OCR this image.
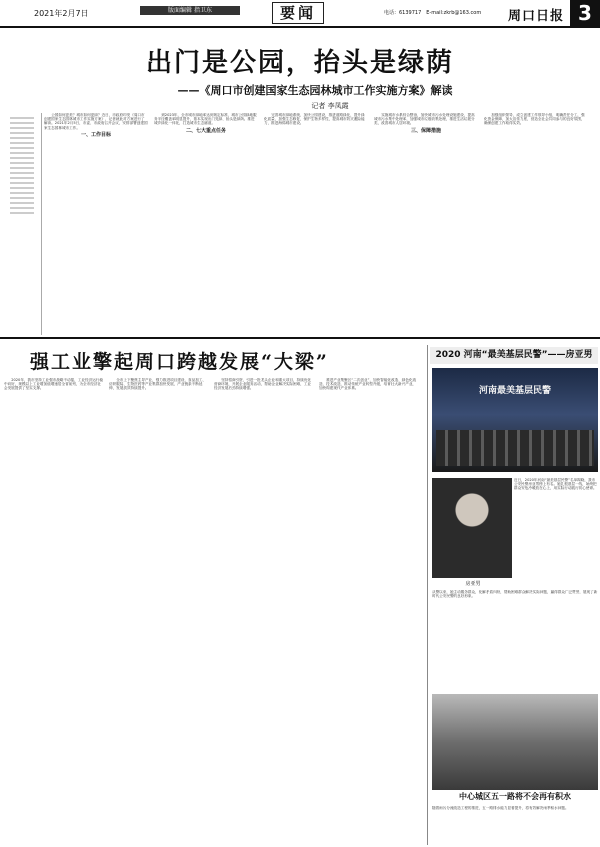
2021年2月7日	版面编辑 指卫东	要闻	电话：6139717　E-mail:zkrb@163.com 周口日报 3
出门是公园，抬头是绿荫
——《周口市创建国家生态园林城市工作实施方案》解读
记者 李凤霞

公园如何更美？城市如何更绿？近日，市政府印发《周口市创建国家生态园林城市工作实施方案》，记者就此对方案进行了解读。2021年2月5日，市委、市政府召开会议，安排部署创建国家生态园林城市工作。

一、工作目标

到2023年，全市城市绿地率达到规定标准，城市公园绿地服务半径覆盖率明显提升，基本实现出门见绿、抬头是绿荫。推进城乡绿化一体化，打造城市生态廊道。

二、七大重点任务

完善城市绿地系统，加快公园建设，推进道路绿化，提升绿化质量，加强生态修复，保护生物多样性，提高城市防灾避险能力，推进海绵城市建设。

实施城市水系综合整治，加快城市污水处理设施建设，提高城市污水集中处理率，加强城市垃圾收集处理，推进生活垃圾分类，改善城市人居环境。

三、保障措施

加强组织领导，成立创建工作领导小组，明确责任分工，强化资金保障，加大宣传力度，营造全社会共同参与的良好氛围，确保创建工作取得实效。

强工业擎起周口跨越发展“大梁”

2020年，我市坚持工业强市战略不动摇，工业经济运行稳中向好，规模以上工业增加值增速居全省前列，为全市经济社会发展提供了坚实支撑。

全市上下聚焦主导产业，强力推进项目建设，食品加工、纺织服装、生物医药等产业集群加快发展，产业链条不断延伸，发展质效持续提升。

坚持招商引资，引进一批龙头企业和重大项目，持续优化营商环境，开展企业服务活动，帮助企业解决实际困难，工业经济发展后劲持续增强。

推进产业集聚区“二次创业”，加快智能化改造、绿色化改造、技术改造，推动传统产业转型升级，培育壮大新兴产业，加快构建现代产业体系。

2020 河南“最美基层民警”——房亚男
河南最美基层民警
房亚男
近日，2020年河南“最美基层民警”名单揭晓，我市公安民警房亚男榜上有名。她扎根基层一线，始终把群众安危冷暖放在心上，用实际行动践行初心使命。
从警以来，她主动服务群众，化解矛盾纠纷，帮助困难群众解决实际问题，赢得群众广泛赞誉，展现了新时代公安民警的良好形象。
中心城区五一路将不会再有积水
随着雨污分流改造工程的推进，五一路排水能力显著提升，将有效解决雨季积水问题。
